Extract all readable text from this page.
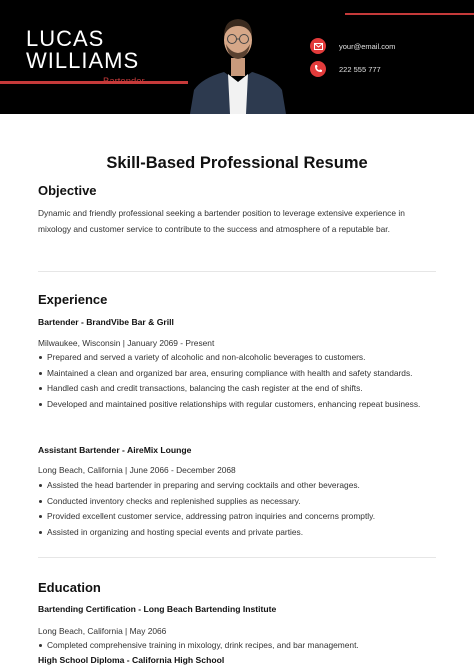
LUCAS
WILLIAMS
Bartender
your@email.com
222 555 777
Skill-Based Professional Resume
Objective
Dynamic and friendly professional seeking a bartender position to leverage extensive experience in mixology and customer service to contribute to the success and atmosphere of a reputable bar.
Experience
Bartender - BrandVibe Bar & Grill
Milwaukee, Wisconsin | January 2069 - Present
Prepared and served a variety of alcoholic and non-alcoholic beverages to customers.
Maintained a clean and organized bar area, ensuring compliance with health and safety standards.
Handled cash and credit transactions, balancing the cash register at the end of shifts.
Developed and maintained positive relationships with regular customers, enhancing repeat business.
Assistant Bartender - AireMix Lounge
Long Beach, California | June 2066 - December 2068
Assisted the head bartender in preparing and serving cocktails and other beverages.
Conducted inventory checks and replenished supplies as necessary.
Provided excellent customer service, addressing patron inquiries and concerns promptly.
Assisted in organizing and hosting special events and private parties.
Education
Bartending Certification - Long Beach Bartending Institute
Long Beach, California | May 2066
Completed comprehensive training in mixology, drink recipes, and bar management.
High School Diploma - California High School
